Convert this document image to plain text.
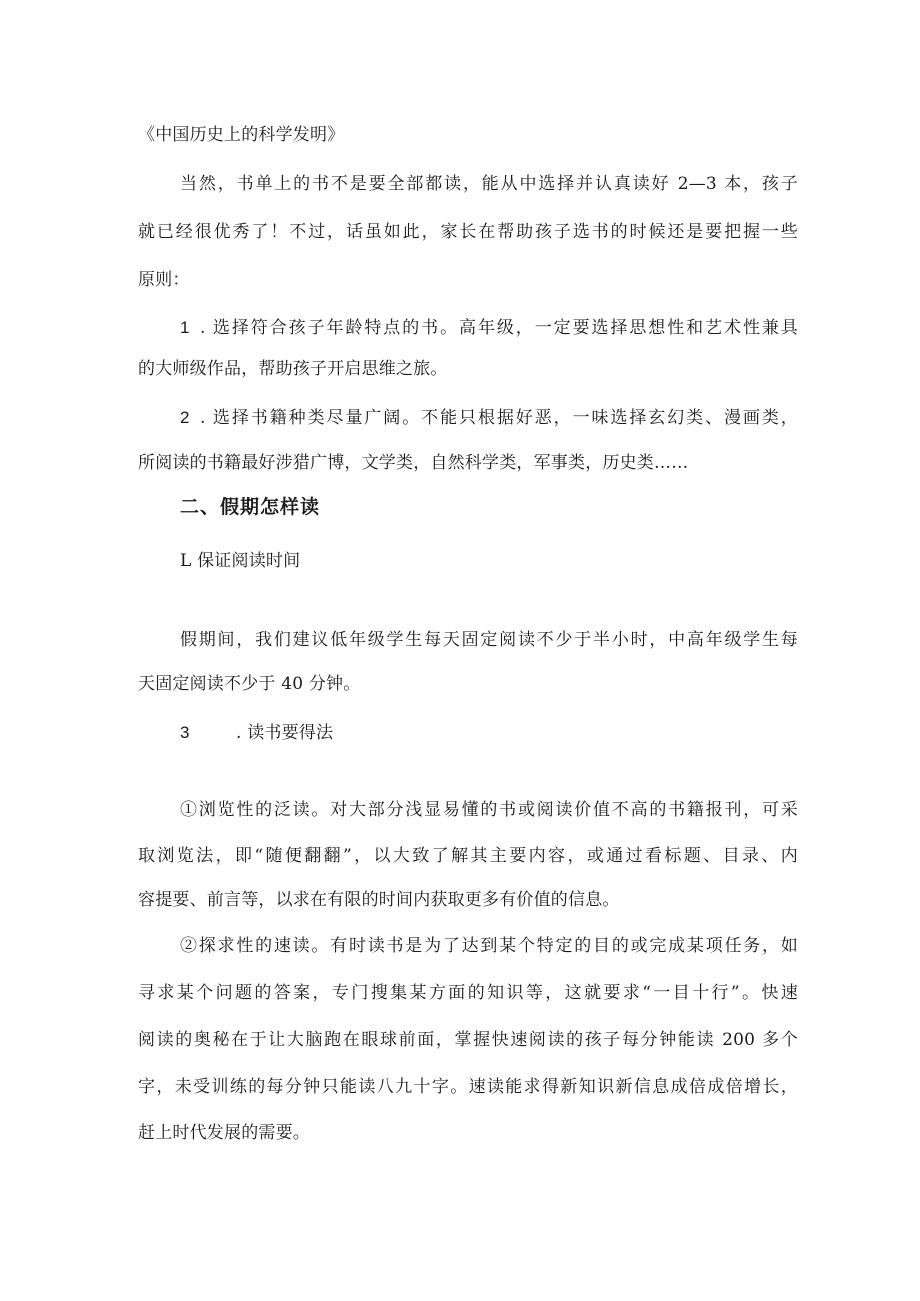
《中国历史上的科学发明》
当然，书单上的书不是要全部都读，能从中选择并认真读好 2—3 本，孩子
就已经很优秀了！不过，话虽如此，家长在帮助孩子选书的时候还是要把握一些
原则：
1 . 选择符合孩子年龄特点的书。高年级，一定要选择思想性和艺术性兼具
的大师级作品，帮助孩子开启思维之旅。
2 . 选择书籍种类尽量广阔。不能只根据好恶，一味选择玄幻类、漫画类，
所阅读的书籍最好涉猎广博，文学类，自然科学类，军事类，历史类……
二、假期怎样读
L 保证阅读时间
假期间，我们建议低年级学生每天固定阅读不少于半小时，中高年级学生每
天固定阅读不少于 40 分钟。
3	. 读书要得法
①浏览性的泛读。对大部分浅显易懂的书或阅读价值不高的书籍报刊，可采
取浏览法，即“随便翻翻”，以大致了解其主要内容，或通过看标题、目录、内
容提要、前言等，以求在有限的时间内获取更多有价值的信息。
②探求性的速读。有时读书是为了达到某个特定的目的或完成某项任务，如
寻求某个问题的答案，专门搜集某方面的知识等，这就要求“一目十行”。快速
阅读的奥秘在于让大脑跑在眼球前面，掌握快速阅读的孩子每分钟能读 200 多个
字，未受训练的每分钟只能读八九十字。速读能求得新知识新信息成倍成倍增长，
赶上时代发展的需要。
